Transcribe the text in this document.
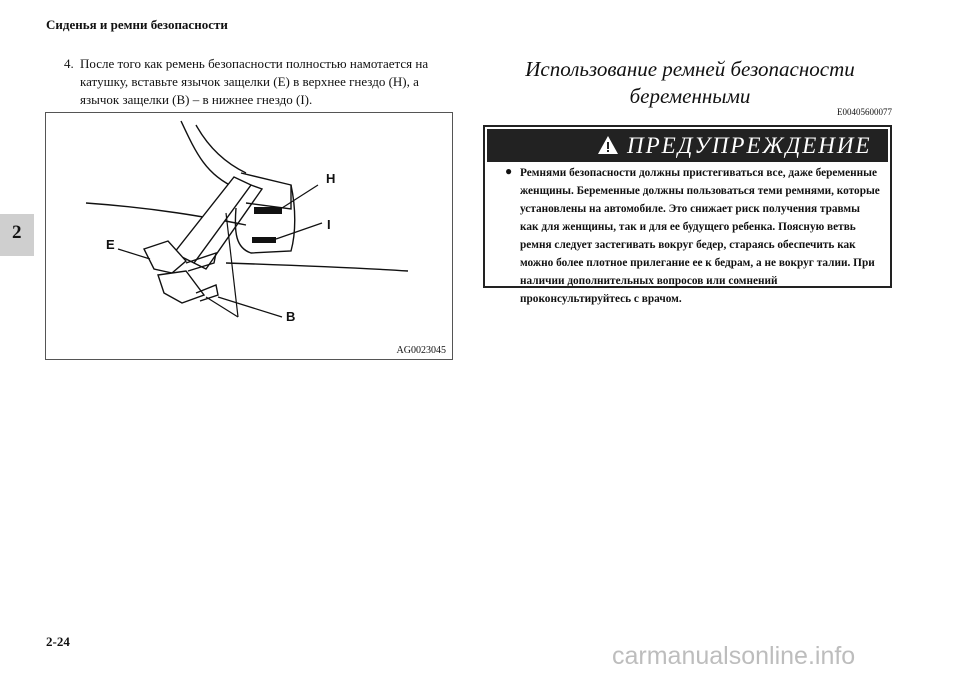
Сиденья и ремни безопасности
2
4. После того как ремень безопасности полностью намотается на катушку, вставьте язычок защелки (E) в верхнее гнездо (H), а язычок защелки (B) – в нижнее гнездо (I).
H
I
E
B
AG0023045
Использование ремней безопасности беременными
E00405600077
ПРЕДУПРЕЖДЕНИЕ
● Ремнями безопасности должны пристегиваться все, даже беременные женщины. Беременные должны пользоваться теми ремнями, которые установлены на автомобиле. Это снижает риск получения травмы как для женщины, так и для ее будущего ребенка. Поясную ветвь ремня следует застегивать вокруг бедер, стараясь обеспечить как можно более плотное прилегание ее к бедрам, а не вокруг талии. При наличии дополнительных вопросов или сомнений проконсультируйтесь с врачом.
2-24
carmanualsonline.info
